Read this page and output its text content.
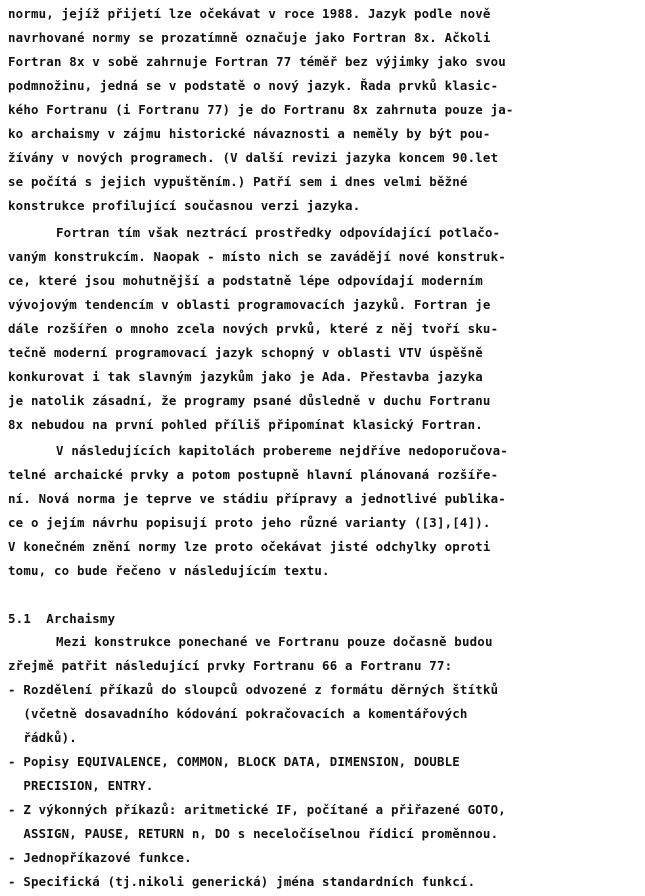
normu, jejíž přijetí lze očekávat v roce 1988. Jazyk podle nově
navrhované normy se prozatímně označuje jako Fortran 8x. Ačkoli
Fortran 8x v sobě zahrnuje Fortran 77 téměř bez výjimky jako svou
podmnožinu, jedná se v podstatě o nový jazyk. Řada prvků klasic-
kého Fortranu (i Fortranu 77) je do Fortranu 8x zahrnuta pouze ja-
ko archaismy v zájmu historické návaznosti a neměly by být pou-
žívány v nových programech. (V další revizi jazyka koncem 90.let
se počítá s jejich vypuštěním.) Patří sem i dnes velmi běžné
konstrukce profilující současnou verzi jazyka.
Fortran tím však neztrácí prostředky odpovídající potlačo-
vaným konstrukcím. Naopak - místo nich se zavádějí nové konstruk-
ce, které jsou mohutnější a podstatně lépe odpovídají moderním
vývojovým tendencím v oblasti programovacích jazyků. Fortran je
dále rozšířen o mnoho zcela nových prvků, které z něj tvoří sku-
tečně moderní programovací jazyk schopný v oblasti VTV úspěšně
konkurovat i tak slavným jazykům jako je Ada. Přestavba jazyka
je natolik zásadní, že programy psané důsledně v duchu Fortranu
8x nebudou na první pohled příliš připomínat klasický Fortran.
V následujících kapitolách probereme nejdříve nedoporučova-
telné archaické prvky a potom postupně hlavní plánovaná rozšíře-
ní. Nová norma je teprve ve stádiu přípravy a jednotlivé publika-
ce o jejím návrhu popisují proto jeho různé varianty ([3],[4]).
V konečném znění normy lze proto očekávat jisté odchylky oproti
tomu, co bude řečeno v následujícím textu.
5.1  Archaismy
Mezi konstrukce ponechané ve Fortranu pouze dočasně budou
zřejmě patřit následující prvky Fortranu 66 a Fortranu 77:
- Rozdělení příkazů do sloupců odvozené z formátu děrných štítků
(včetně dosavadního kódování pokračovacích a komentářových
řádků).
- Popisy EQUIVALENCE, COMMON, BLOCK DATA, DIMENSION, DOUBLE
PRECISION, ENTRY.
- Z výkonných příkazů: aritmetické IF, počítané a přiřazené GOTO,
ASSIGN, PAUSE, RETURN n, DO s neceločíselnou řídicí proměnnou.
- Jednopříkazové funkce.
- Specifická (tj.nikoli generická) jména standardních funkcí.
